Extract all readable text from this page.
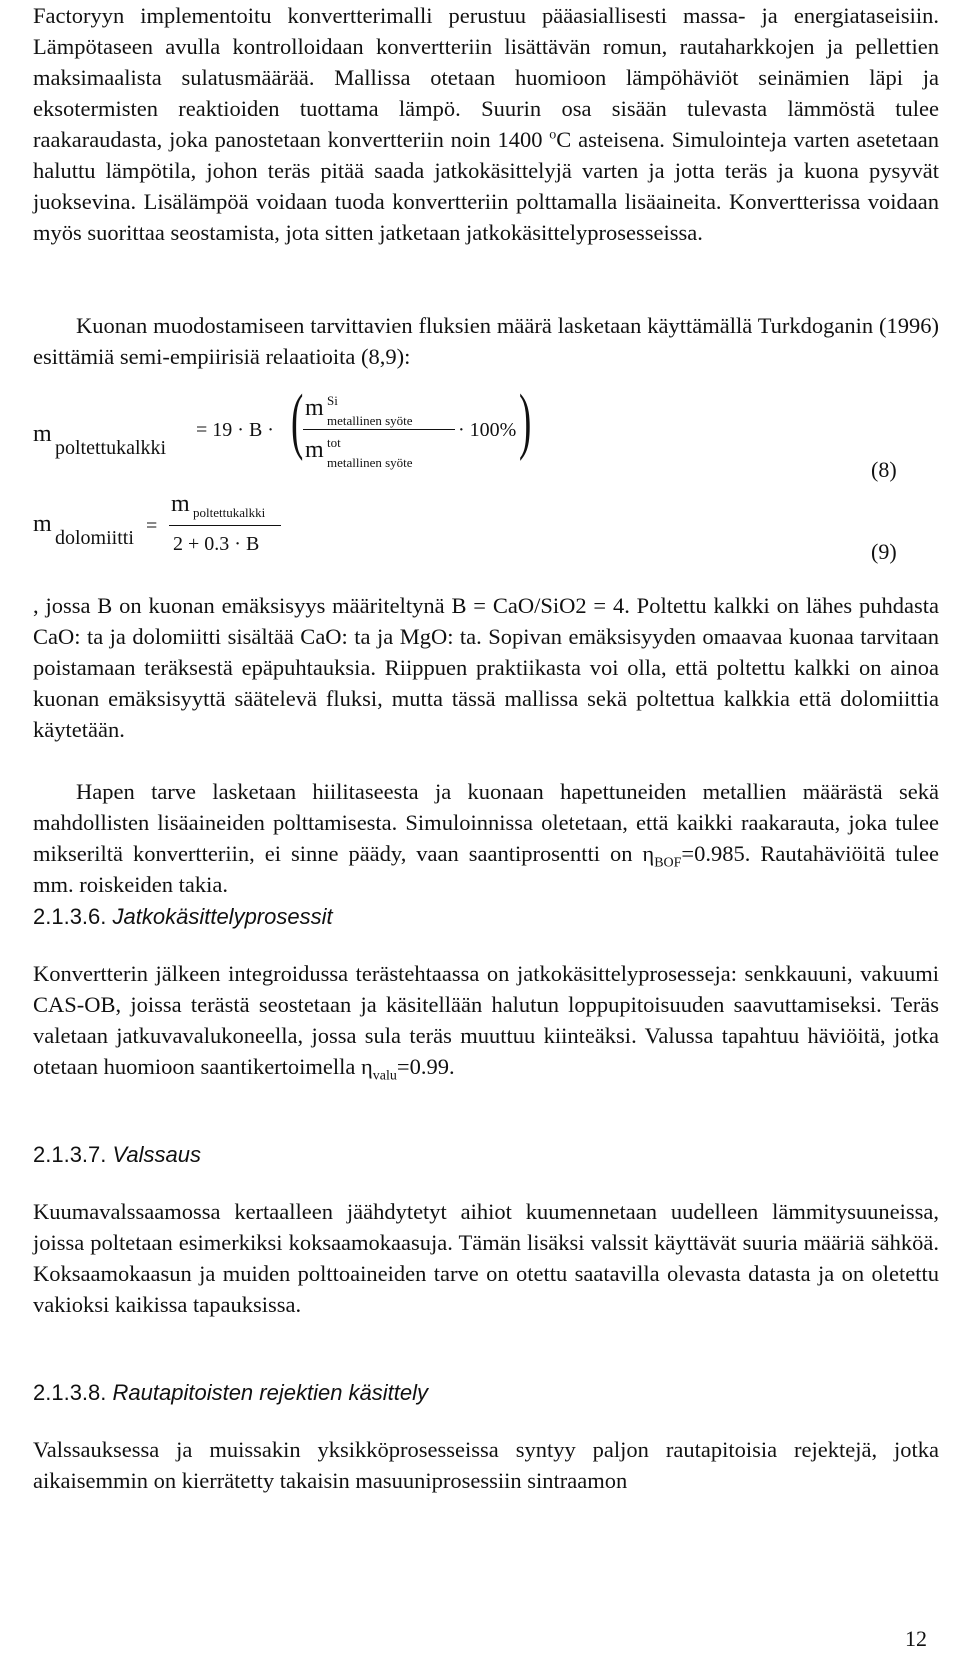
Factoryyn implementoitu konvertterimalli perustuu pääasiallisesti massa- ja energiataseisiin. Lämpötaseen avulla kontrolloidaan konvertteriin lisättävän romun, rautaharkkojen ja pellettien maksimaalista sulatusmäärää. Mallissa otetaan huomioon lämpöhäviöt seinämien läpi ja eksotermisten reaktioiden tuottama lämpö. Suurin osa sisään tulevasta lämmöstä tulee raakaraudasta, joka panostetaan konvertteriin noin 1400 $^o$C asteisena. Simulointeja varten asetetaan haluttu lämpötila, johon teräs pitää saada jatkokäsittelyjä varten ja jotta teräs ja kuona pysyvät juoksevina. Lisälämpöä voidaan tuoda konvertteriin polttamalla lisäaineita. Konvertterissa voidaan myös suorittaa seostamista, jota sitten jatketaan jatkokäsittelyprosesseissa.
Kuonan muodostamiseen tarvittavien fluksien määrä lasketaan käyttämällä Turkdoganin (1996) esittämiä semi-empiirisiä relaatioita (8,9):
m
poltettukalkki
= 19 · B · ( m Si
metallinen syöte
m tot
metallinen syöte
· 100% )
(8)
m
dolomiitti
=
m poltettukalkki
2 + 0.3 · B	(9)
, jossa B on kuonan emäksisyys määriteltynä B = CaO/SiO2 = 4. Poltettu kalkki on lähes puhdasta CaO: ta ja dolomiitti sisältää CaO: ta ja MgO: ta. Sopivan emäksisyyden omaavaa kuonaa tarvitaan poistamaan teräksestä epäpuhtauksia. Riippuen praktiikasta voi olla, että poltettu kalkki on ainoa kuonan emäksisyyttä säätelevä fluksi, mutta tässä mallissa sekä poltettua kalkkia että dolomiittia käytetään.
Hapen tarve lasketaan hiilitaseesta ja kuonaan hapettuneiden metallien määrästä sekä mahdollisten lisäaineiden polttamisesta. Simuloinnissa oletetaan, että kaikki raakarauta, joka tulee mikseriltä konvertteriin, ei sinne päädy, vaan saantiprosentti on $\eta_{BOF}=0.985$. Rautahäviöitä tulee mm. roiskeiden takia.
2.1.3.6. Jatkokäsittelyprosessit
Konvertterin jälkeen integroidussa terästehtaassa on jatkokäsittelyprosesseja: senkkauuni, vakuumi CAS-OB, joissa terästä seostetaan ja käsitellään halutun loppupitoisuuden saavuttamiseksi. Teräs valetaan jatkuvavalukoneella, jossa sula teräs muuttuu kiinteäksi. Valussa tapahtuu häviöitä, jotka otetaan huomioon saantikertoimella $\eta_{valu}=0.99$.
2.1.3.7. Valssaus
Kuumavalssaamossa kertaalleen jäähdytetyt aihiot kuumennetaan uudelleen lämmitysuuneissa, joissa poltetaan esimerkiksi koksaamokaasuja. Tämän lisäksi valssit käyttävät suuria määriä sähköä. Koksaamokaasun ja muiden polttoaineiden tarve on otettu saatavilla olevasta datasta ja on oletettu vakioksi kaikissa tapauksissa.
2.1.3.8. Rautapitoisten rejektien käsittely
Valssauksessa ja muissakin yksikköprosesseissa syntyy paljon rautapitoisia rejektejä, jotka aikaisemmin on kierrätetty takaisin masuuniprosessiin sintraamon
12
